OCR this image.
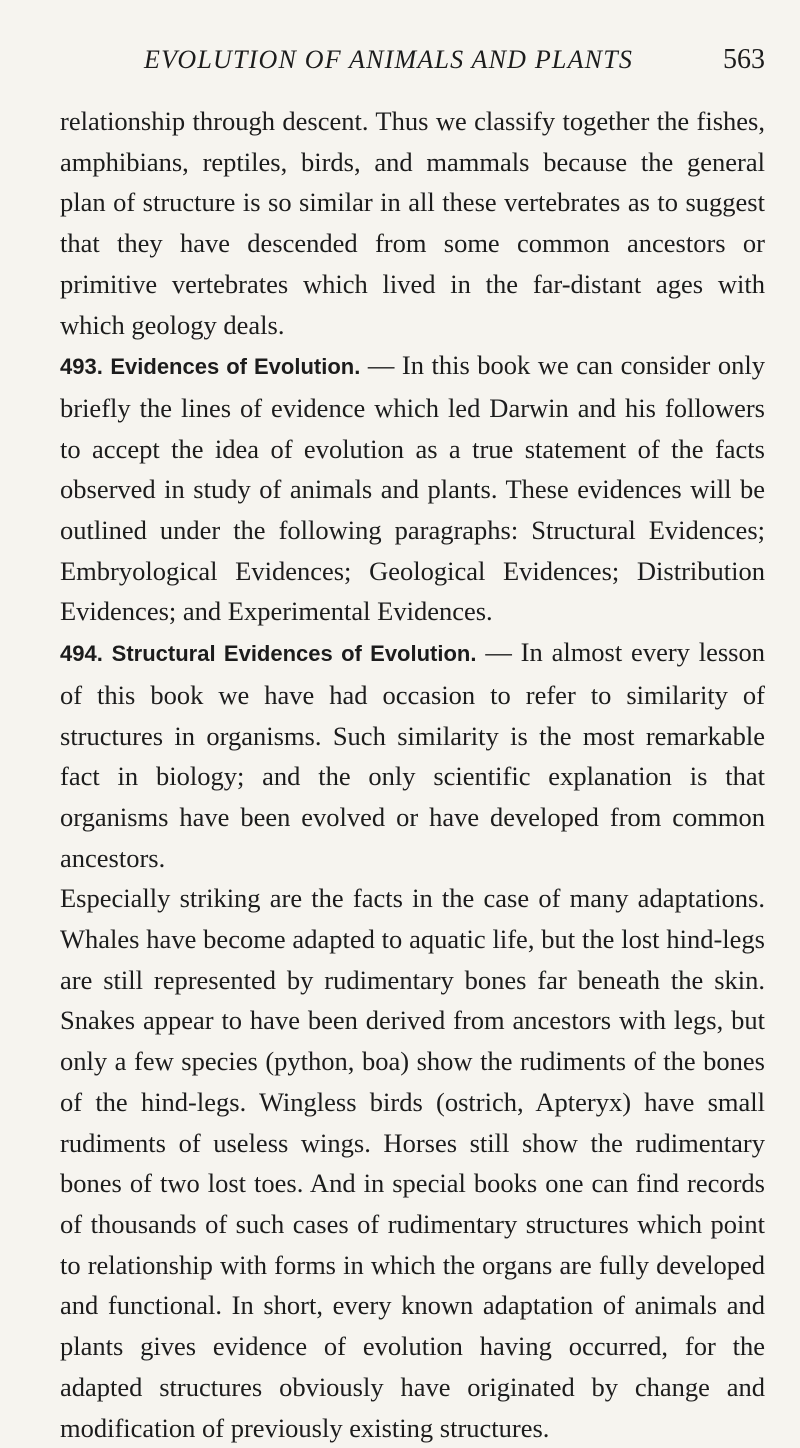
EVOLUTION OF ANIMALS AND PLANTS	563

relationship through descent. Thus we classify together the fishes, amphibians, reptiles, birds, and mammals because the general plan of structure is so similar in all these vertebrates as to suggest that they have descended from some common ancestors or primitive vertebrates which lived in the far-distant ages with which geology deals.

493. Evidences of Evolution. — In this book we can consider only briefly the lines of evidence which led Darwin and his followers to accept the idea of evolution as a true statement of the facts observed in study of animals and plants. These evidences will be outlined under the following paragraphs: Structural Evidences; Embryological Evidences; Geological Evidences; Distribution Evidences; and Experimental Evidences.

494. Structural Evidences of Evolution. — In almost every lesson of this book we have had occasion to refer to similarity of structures in organisms. Such similarity is the most remarkable fact in biology; and the only scientific explanation is that organisms have been evolved or have developed from common ancestors.

Especially striking are the facts in the case of many adaptations. Whales have become adapted to aquatic life, but the lost hind-legs are still represented by rudimentary bones far beneath the skin. Snakes appear to have been derived from ancestors with legs, but only a few species (python, boa) show the rudiments of the bones of the hind-legs. Wingless birds (ostrich, Apteryx) have small rudiments of useless wings. Horses still show the rudimentary bones of two lost toes. And in special books one can find records of thousands of such cases of rudimentary structures which point to relationship with forms in which the organs are fully developed and functional. In short, every known adaptation of animals and plants gives evidence of evolution having occurred, for the adapted structures obviously have originated by change and modification of previously existing structures.
